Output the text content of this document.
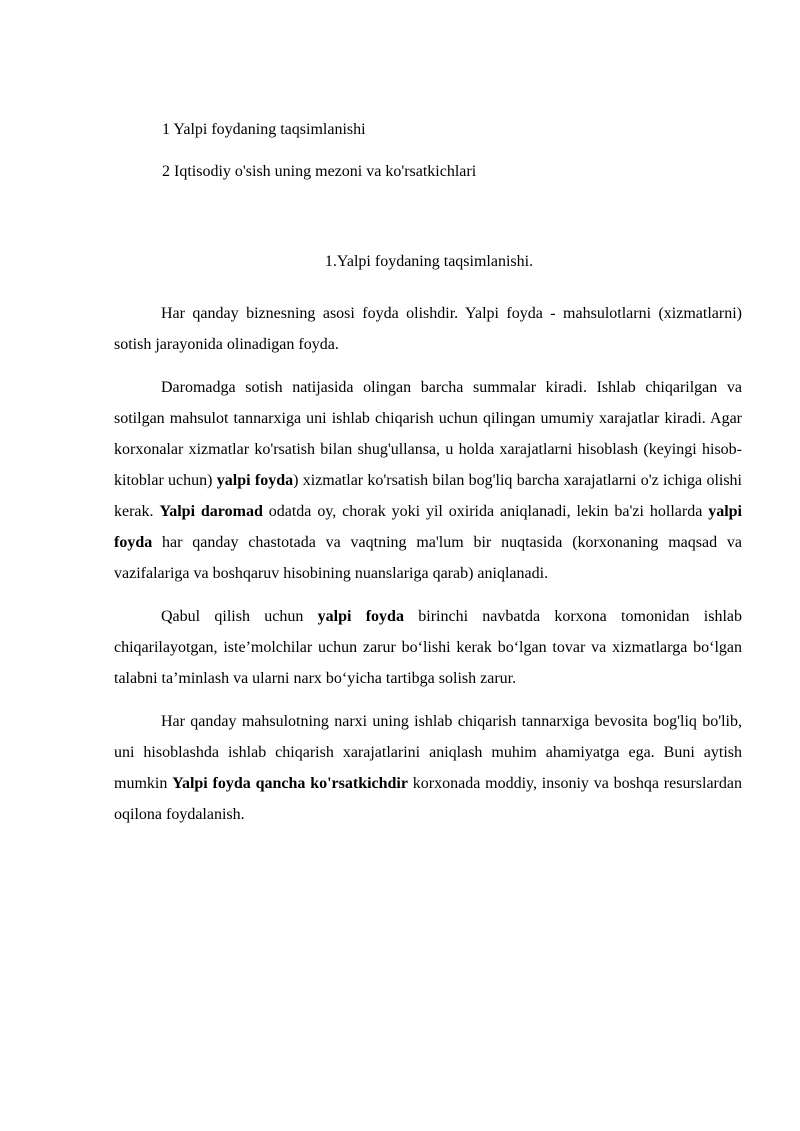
1 Yalpi foydaning taqsimlanishi
2 Iqtisodiy o'sish uning mezoni va ko'rsatkichlari
1.Yalpi foydaning taqsimlanishi.

Har qanday biznesning asosi foyda olishdir. Yalpi foyda - mahsulotlarni (xizmatlarni) sotish jarayonida olinadigan foyda.

Daromadga sotish natijasida olingan barcha summalar kiradi. Ishlab chiqarilgan va sotilgan mahsulot tannarxiga uni ishlab chiqarish uchun qilingan umumiy xarajatlar kiradi. Agar korxonalar xizmatlar ko'rsatish bilan shug'ullansa, u holda xarajatlarni hisoblash (keyingi hisob-kitoblar uchun) yalpi foyda) xizmatlar ko'rsatish bilan bog'liq barcha xarajatlarni o'z ichiga olishi kerak. Yalpi daromad odatda oy, chorak yoki yil oxirida aniqlanadi, lekin ba'zi hollarda yalpi foyda har qanday chastotada va vaqtning ma'lum bir nuqtasida (korxonaning maqsad va vazifalariga va boshqaruv hisobining nuanslariga qarab) aniqlanadi.

Qabul qilish uchun yalpi foyda birinchi navbatda korxona tomonidan ishlab chiqarilayotgan, iste’molchilar uchun zarur bo‘lishi kerak bo‘lgan tovar va xizmatlarga bo‘lgan talabni ta’minlash va ularni narx bo‘yicha tartibga solish zarur.

Har qanday mahsulotning narxi uning ishlab chiqarish tannarxiga bevosita bog'liq bo'lib, uni hisoblashda ishlab chiqarish xarajatlarini aniqlash muhim ahamiyatga ega. Buni aytish mumkin Yalpi foyda qancha ko'rsatkichdir korxonada moddiy, insoniy va boshqa resurslardan oqilona foydalanish.
